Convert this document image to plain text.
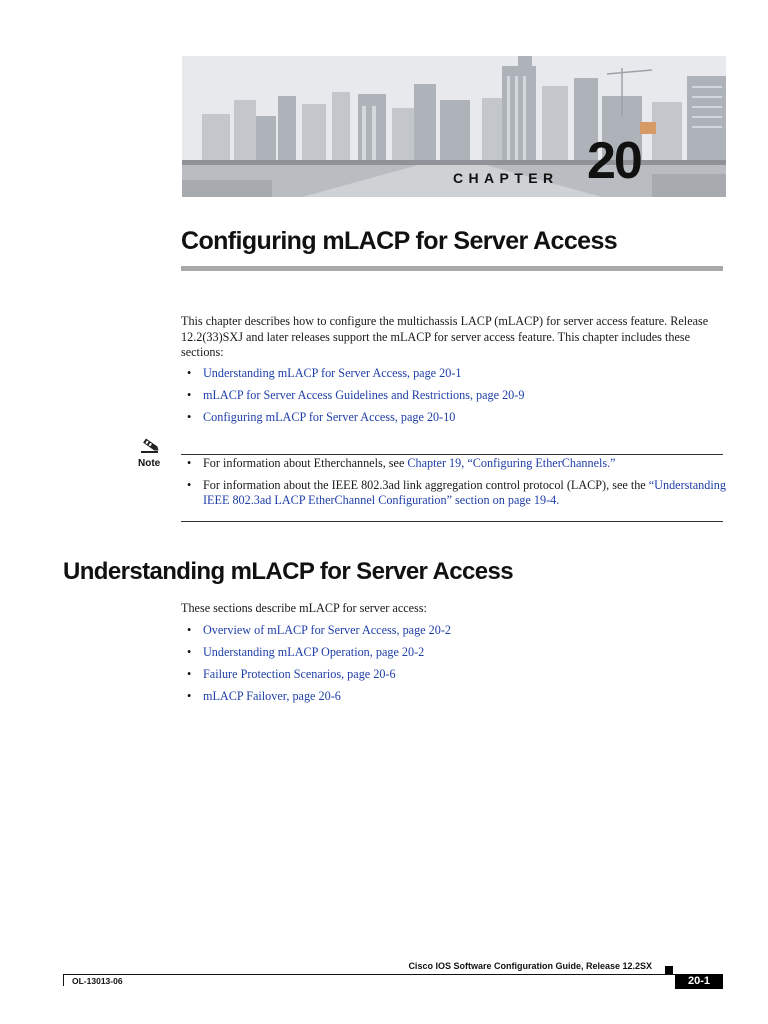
CHAPTER 20
Configuring mLACP for Server Access

This chapter describes how to configure the multichassis LACP (mLACP) for server access feature. Release 12.2(33)SXJ and later releases support the mLACP for server access feature. This chapter includes these sections:

• Understanding mLACP for Server Access, page 20-1
• mLACP for Server Access Guidelines and Restrictions, page 20-9
• Configuring mLACP for Server Access, page 20-10
Note
•	For information about Etherchannels, see Chapter 19, “Configuring EtherChannels.”
• For information about the IEEE 802.3ad link aggregation control protocol (LACP), see the “Understanding IEEE 802.3ad LACP EtherChannel Configuration” section on page 19-4.
Understanding mLACP for Server Access

These sections describe mLACP for server access:

• Overview of mLACP for Server Access, page 20-2
• Understanding mLACP Operation, page 20-2
• Failure Protection Scenarios, page 20-6
• mLACP Failover, page 20-6
Cisco IOS Software Configuration Guide, Release 12.2SX
OL-13013-06	20-1
